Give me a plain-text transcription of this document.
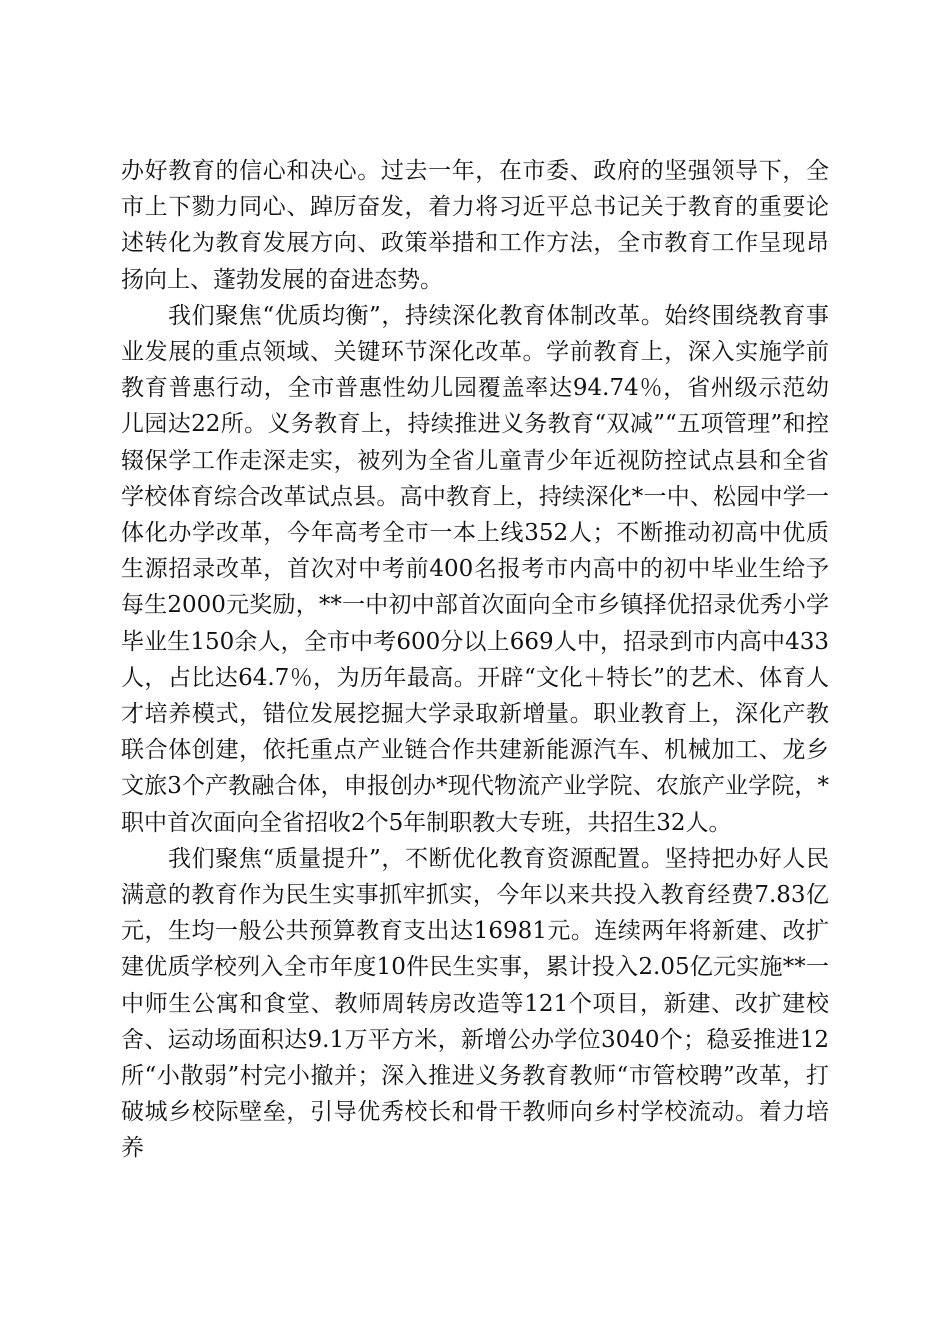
办好教育的信心和决心。过去一年，在市委、政府的坚强领导下，全市上下勠力同心、踔厉奋发，着力将习近平总书记关于教育的重要论述转化为教育发展方向、政策举措和工作方法，全市教育工作呈现昂扬向上、蓬勃发展的奋进态势。

我们聚焦“优质均衡”，持续深化教育体制改革。始终围绕教育事业发展的重点领域、关键环节深化改革。学前教育上，深入实施学前教育普惠行动，全市普惠性幼儿园覆盖率达94.74％，省州级示范幼儿园达22所。义务教育上，持续推进义务教育“双减”“五项管理”和控辍保学工作走深走实，被列为全省儿童青少年近视防控试点县和全省学校体育综合改革试点县。高中教育上，持续深化*一中、松园中学一体化办学改革，今年高考全市一本上线352人；不断推动初高中优质生源招录改革，首次对中考前400名报考市内高中的初中毕业生给予每生2000元奖励，**一中初中部首次面向全市乡镇择优招录优秀小学毕业生150余人，全市中考600分以上669人中，招录到市内高中433人，占比达64.7％，为历年最高。开辟“文化＋特长”的艺术、体育人才培养模式，错位发展挖掘大学录取新增量。职业教育上，深化产教联合体创建，依托重点产业链合作共建新能源汽车、机械加工、龙乡文旅3个产教融合体，申报创办*现代物流产业学院、农旅产业学院，*职中首次面向全省招收2个5年制职教大专班，共招生32人。

我们聚焦“质量提升”，不断优化教育资源配置。坚持把办好人民满意的教育作为民生实事抓牢抓实，今年以来共投入教育经费7.83亿元，生均一般公共预算教育支出达16981元。连续两年将新建、改扩建优质学校列入全市年度10件民生实事，累计投入2.05亿元实施**一中师生公寓和食堂、教师周转房改造等121个项目，新建、改扩建校舍、运动场面积达9.1万平方米，新增公办学位3040个；稳妥推进12所“小散弱”村完小撤并；深入推进义务教育教师“市管校聘”改革，打破城乡校际壁垒，引导优秀校长和骨干教师向乡村学校流动。着力培养
